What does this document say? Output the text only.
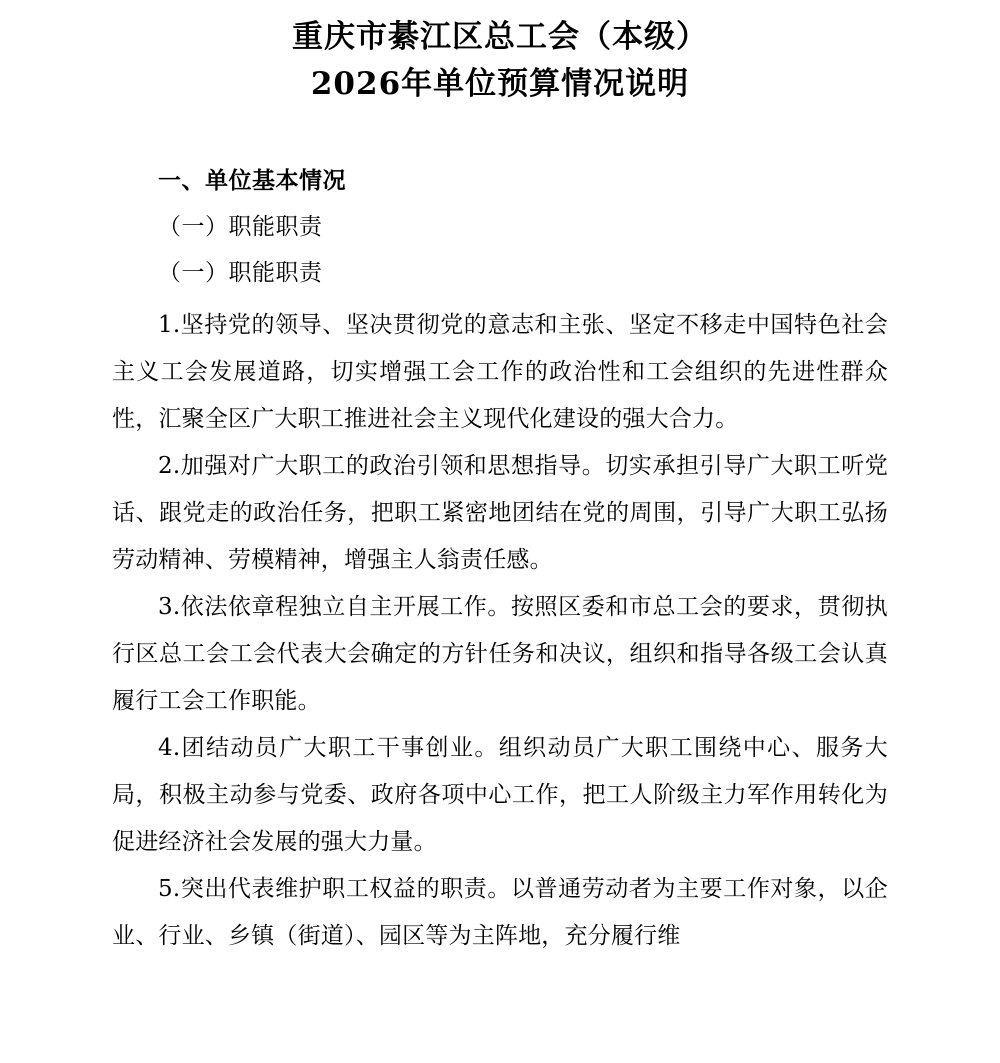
重庆市綦江区总工会（本级）
2026年单位预算情况说明
一、单位基本情况
（一）职能职责
（一）职能职责

1.坚持党的领导、坚决贯彻党的意志和主张、坚定不移走中国特色社会主义工会发展道路，切实增强工会工作的政治性和工会组织的先进性群众性，汇聚全区广大职工推进社会主义现代化建设的强大合力。

2.加强对广大职工的政治引领和思想指导。切实承担引导广大职工听党话、跟党走的政治任务，把职工紧密地团结在党的周围，引导广大职工弘扬劳动精神、劳模精神，增强主人翁责任感。

3.依法依章程独立自主开展工作。按照区委和市总工会的要求，贯彻执行区总工会工会代表大会确定的方针任务和决议，组织和指导各级工会认真履行工会工作职能。

4.团结动员广大职工干事创业。组织动员广大职工围绕中心、服务大局，积极主动参与党委、政府各项中心工作，把工人阶级主力军作用转化为促进经济社会发展的强大力量。

5.突出代表维护职工权益的职责。以普通劳动者为主要工作对象，以企业、行业、乡镇（街道）、园区等为主阵地，充分履行维
